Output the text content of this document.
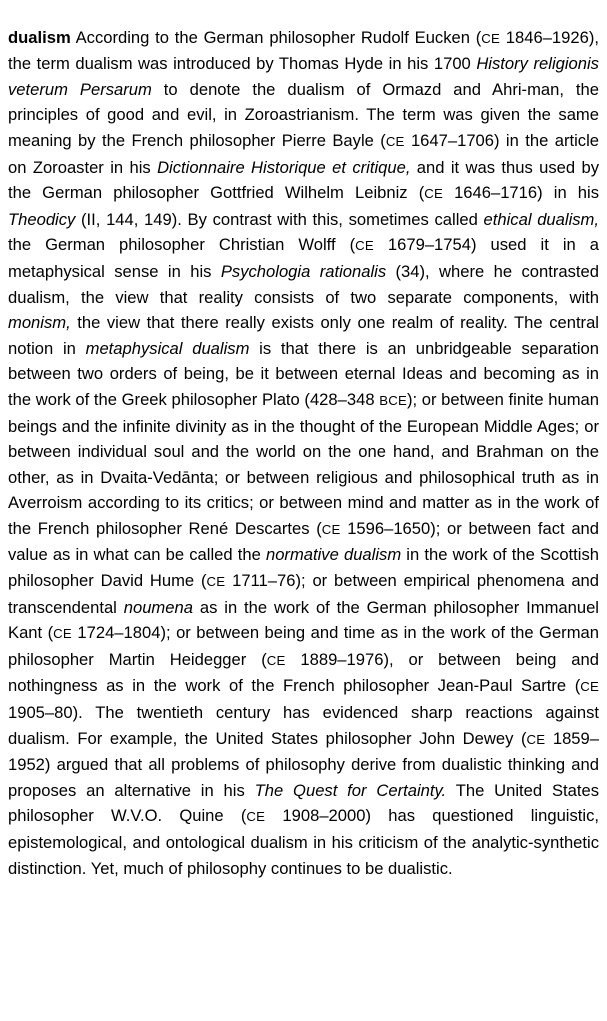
dualism According to the German philosopher Rudolf Eucken (CE 1846–1926), the term dualism was introduced by Thomas Hyde in his 1700 History religionis veterum Persarum to denote the dualism of Ormazd and Ahri-man, the principles of good and evil, in Zoroastrianism. The term was given the same meaning by the French philosopher Pierre Bayle (CE 1647–1706) in the article on Zoroaster in his Dictionnaire Historique et critique, and it was thus used by the German philosopher Gottfried Wilhelm Leibniz (CE 1646–1716) in his Theodicy (II, 144, 149). By contrast with this, sometimes called ethical dualism, the German philosopher Christian Wolff (CE 1679–1754) used it in a metaphysical sense in his Psychologia rationalis (34), where he contrasted dualism, the view that reality consists of two separate components, with monism, the view that there really exists only one realm of reality. The central notion in metaphysical dualism is that there is an unbridgeable separation between two orders of being, be it between eternal Ideas and becoming as in the work of the Greek philosopher Plato (428–348 BCE); or between finite human beings and the infinite divinity as in the thought of the European Middle Ages; or between individual soul and the world on the one hand, and Brahman on the other, as in Dvaita-Vedānta; or between religious and philosophical truth as in Averroism according to its critics; or between mind and matter as in the work of the French philosopher René Descartes (CE 1596–1650); or between fact and value as in what can be called the normative dualism in the work of the Scottish philosopher David Hume (CE 1711–76); or between empirical phenomena and transcendental noumena as in the work of the German philosopher Immanuel Kant (CE 1724–1804); or between being and time as in the work of the German philosopher Martin Heidegger (CE 1889–1976), or between being and nothingness as in the work of the French philosopher Jean-Paul Sartre (CE 1905–80). The twentieth century has evidenced sharp reactions against dualism. For example, the United States philosopher John Dewey (CE 1859–1952) argued that all problems of philosophy derive from dualistic thinking and proposes an alternative in his The Quest for Certainty. The United States philosopher W.V.O. Quine (CE 1908–2000) has questioned linguistic, epistemological, and ontological dualism in his criticism of the analytic-synthetic distinction. Yet, much of philosophy continues to be dualistic.
